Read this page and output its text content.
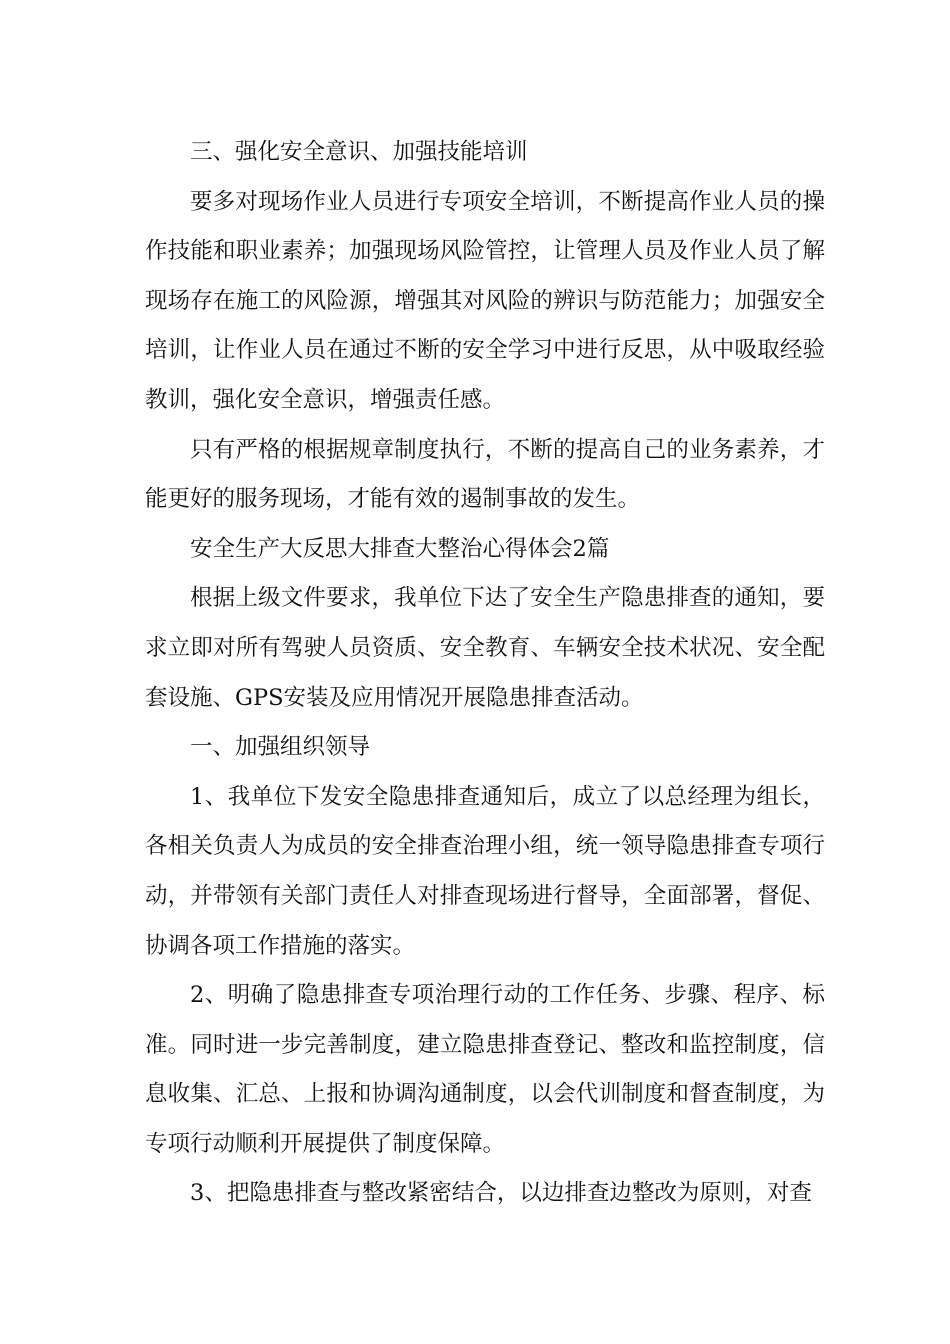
三、强化安全意识、加强技能培训

要多对现场作业人员进行专项安全培训，不断提高作业人员的操作技能和职业素养；加强现场风险管控，让管理人员及作业人员了解现场存在施工的风险源，增强其对风险的辨识与防范能力；加强安全培训，让作业人员在通过不断的安全学习中进行反思，从中吸取经验教训，强化安全意识，增强责任感。

只有严格的根据规章制度执行，不断的提高自己的业务素养，才能更好的服务现场，才能有效的遏制事故的发生。

安全生产大反思大排查大整治心得体会2篇

根据上级文件要求，我单位下达了安全生产隐患排查的通知，要求立即对所有驾驶人员资质、安全教育、车辆安全技术状况、安全配套设施、GPS安装及应用情况开展隐患排查活动。

一、加强组织领导

1、我单位下发安全隐患排查通知后，成立了以总经理为组长，各相关负责人为成员的安全排查治理小组，统一领导隐患排查专项行动，并带领有关部门责任人对排查现场进行督导，全面部署，督促、协调各项工作措施的落实。

2、明确了隐患排查专项治理行动的工作任务、步骤、程序、标准。同时进一步完善制度，建立隐患排查登记、整改和监控制度，信息收集、汇总、上报和协调沟通制度，以会代训制度和督查制度，为专项行动顺利开展提供了制度保障。

3、把隐患排查与整改紧密结合，以边排查边整改为原则，对查
